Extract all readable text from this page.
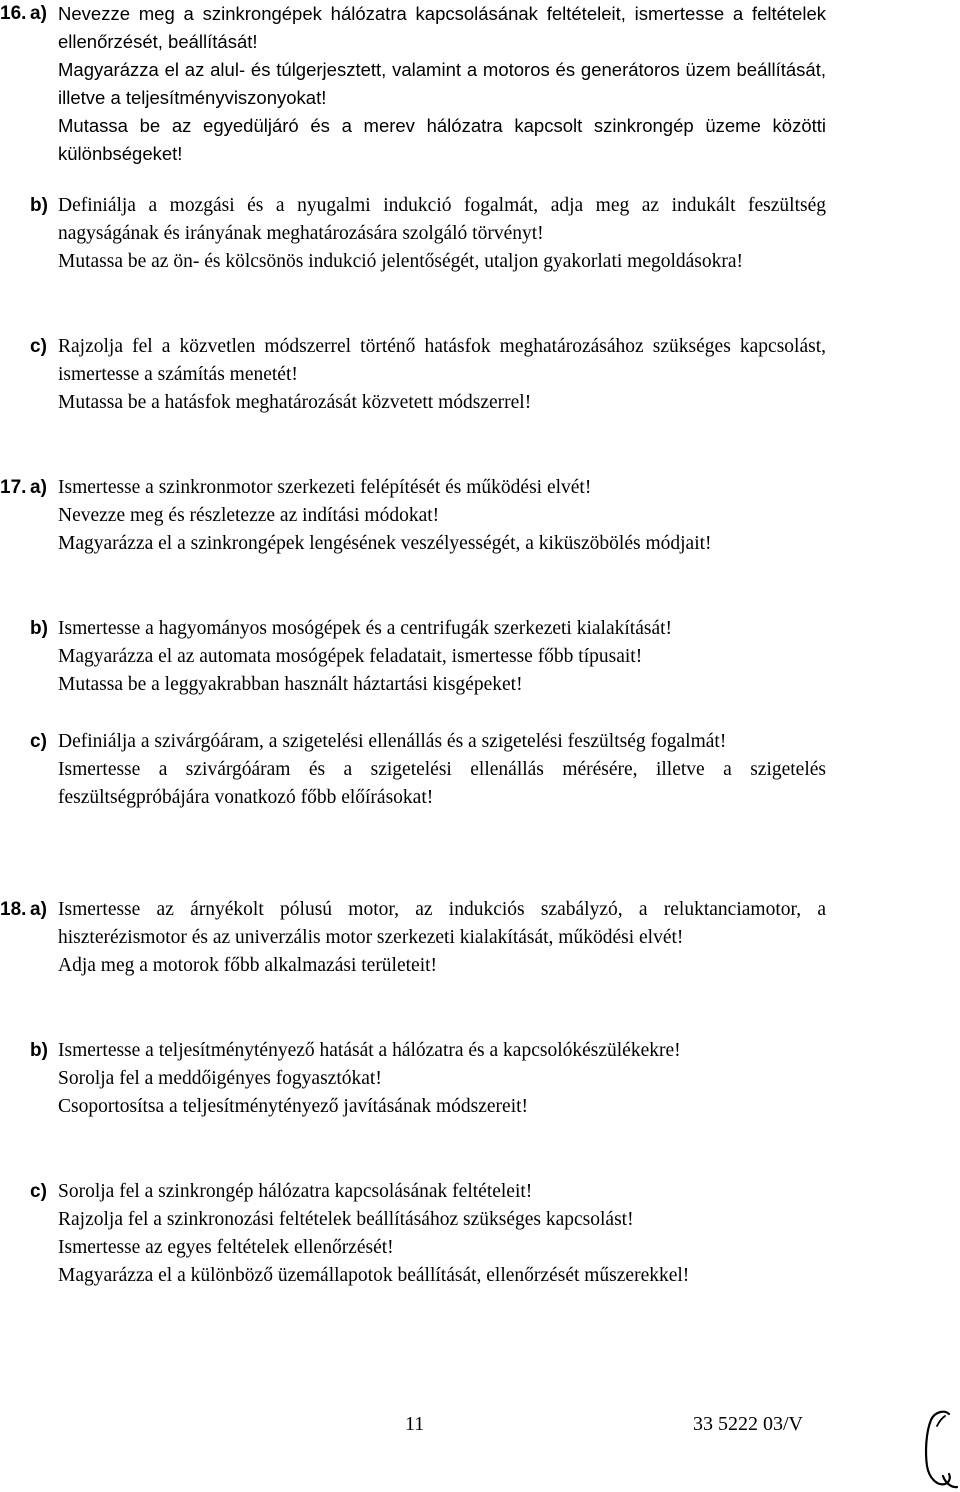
16. a) Nevezze meg a szinkrongépek hálózatra kapcsolásának feltételeit, ismertesse a feltételek ellenőrzését, beállítását!
Magyarázza el az alul- és túlgerjesztett, valamint a motoros és generátoros üzem beállítását, illetve a teljesítményviszonyokat!
Mutassa be az egyedüljáró és a merev hálózatra kapcsolt szinkrongép üzeme közötti különbségeket!
b) Definiálja a mozgási és a nyugalmi indukció fogalmát, adja meg az indukált feszültség nagyságának és irányának meghatározására szolgáló törvényt!
Mutassa be az ön- és kölcsönös indukció jelentőségét, utaljon gyakorlati megoldásokra!
c) Rajzolja fel a közvetlen módszerrel történő hatásfok meghatározásához szükséges kapcsolást, ismertesse a számítás menetét!
Mutassa be a hatásfok meghatározását közvetett módszerrel!
17. a) Ismertesse a szinkronmotor szerkezeti felépítését és működési elvét!
Nevezze meg és részletezze az indítási módokat!
Magyarázza el a szinkrongépek lengésének veszélyességét, a kiküszöbölés módjait!
b) Ismertesse a hagyományos mosógépek és a centrifugák szerkezeti kialakítását!
Magyarázza el az automata mosógépek feladatait, ismertesse főbb típusait!
Mutassa be a leggyakrabban használt háztartási kisgépeket!
c) Definiálja a szivárgóáram, a szigetelési ellenállás és a szigetelési feszültség fogalmát!
Ismertesse a szivárgóáram és a szigetelési ellenállás mérésére, illetve a szigetelés feszültségpróbájára vonatkozó főbb előírásokat!
18. a) Ismertesse az árnyékolt pólusú motor, az indukciós szabályzó, a reluktanciamotor, a hiszterézismotor és az univerzális motor szerkezeti kialakítását, működési elvét!
Adja meg a motorok főbb alkalmazási területeit!
b) Ismertesse a teljesítménytényező hatását a hálózatra és a kapcsolókészülékekre!
Sorolja fel a meddőigényes fogyasztókat!
Csoportosítsa a teljesítménytényező javításának módszereit!
c) Sorolja fel a szinkrongép hálózatra kapcsolásának feltételeit!
Rajzolja fel a szinkronozási feltételek beállításához szükséges kapcsolást!
Ismertesse az egyes feltételek ellenőrzését!
Magyarázza el a különböző üzemállapotok beállítását, ellenőrzését műszerekkel!
11	33 5222 03/V
